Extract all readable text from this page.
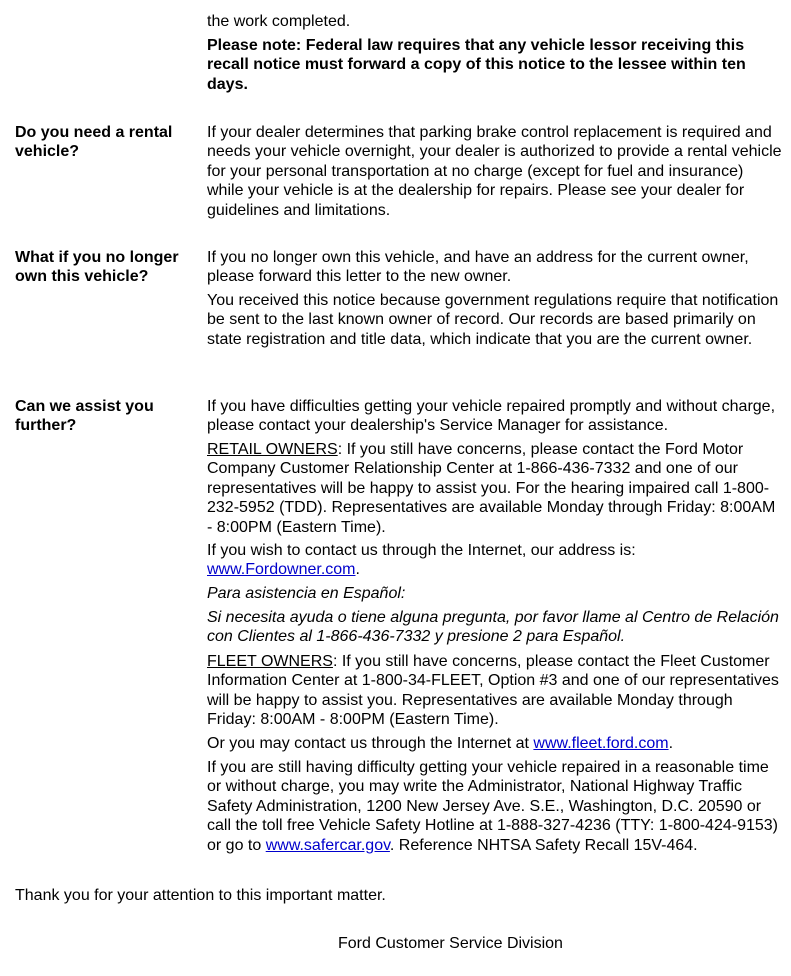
the work completed.

Please note: Federal law requires that any vehicle lessor receiving this recall notice must forward a copy of this notice to the lessee within ten days.

Do you need a rental vehicle?

If your dealer determines that parking brake control replacement is required and needs your vehicle overnight, your dealer is authorized to provide a rental vehicle for your personal transportation at no charge (except for fuel and insurance) while your vehicle is at the dealership for repairs. Please see your dealer for guidelines and limitations.

What if you no longer own this vehicle?

If you no longer own this vehicle, and have an address for the current owner, please forward this letter to the new owner.

You received this notice because government regulations require that notification be sent to the last known owner of record. Our records are based primarily on state registration and title data, which indicate that you are the current owner.

Can we assist you further?

If you have difficulties getting your vehicle repaired promptly and without charge, please contact your dealership's Service Manager for assistance.

RETAIL OWNERS: If you still have concerns, please contact the Ford Motor Company Customer Relationship Center at 1-866-436-7332 and one of our representatives will be happy to assist you. For the hearing impaired call 1-800-232-5952 (TDD). Representatives are available Monday through Friday: 8:00AM - 8:00PM (Eastern Time).

If you wish to contact us through the Internet, our address is:
www.Fordowner.com.

Para asistencia en Español:

Si necesita ayuda o tiene alguna pregunta, por favor llame al Centro de Relación con Clientes al 1-866-436-7332 y presione 2 para Español.

FLEET OWNERS: If you still have concerns, please contact the Fleet Customer Information Center at 1-800-34-FLEET, Option #3 and one of our representatives will be happy to assist you. Representatives are available Monday through Friday: 8:00AM - 8:00PM (Eastern Time).

Or you may contact us through the Internet at www.fleet.ford.com.

If you are still having difficulty getting your vehicle repaired in a reasonable time or without charge, you may write the Administrator, National Highway Traffic Safety Administration, 1200 New Jersey Ave. S.E., Washington, D.C. 20590 or call the toll free Vehicle Safety Hotline at 1-888-327-4236 (TTY: 1-800-424-9153) or go to www.safercar.gov. Reference NHTSA Safety Recall 15V-464.

Thank you for your attention to this important matter.

Ford Customer Service Division
